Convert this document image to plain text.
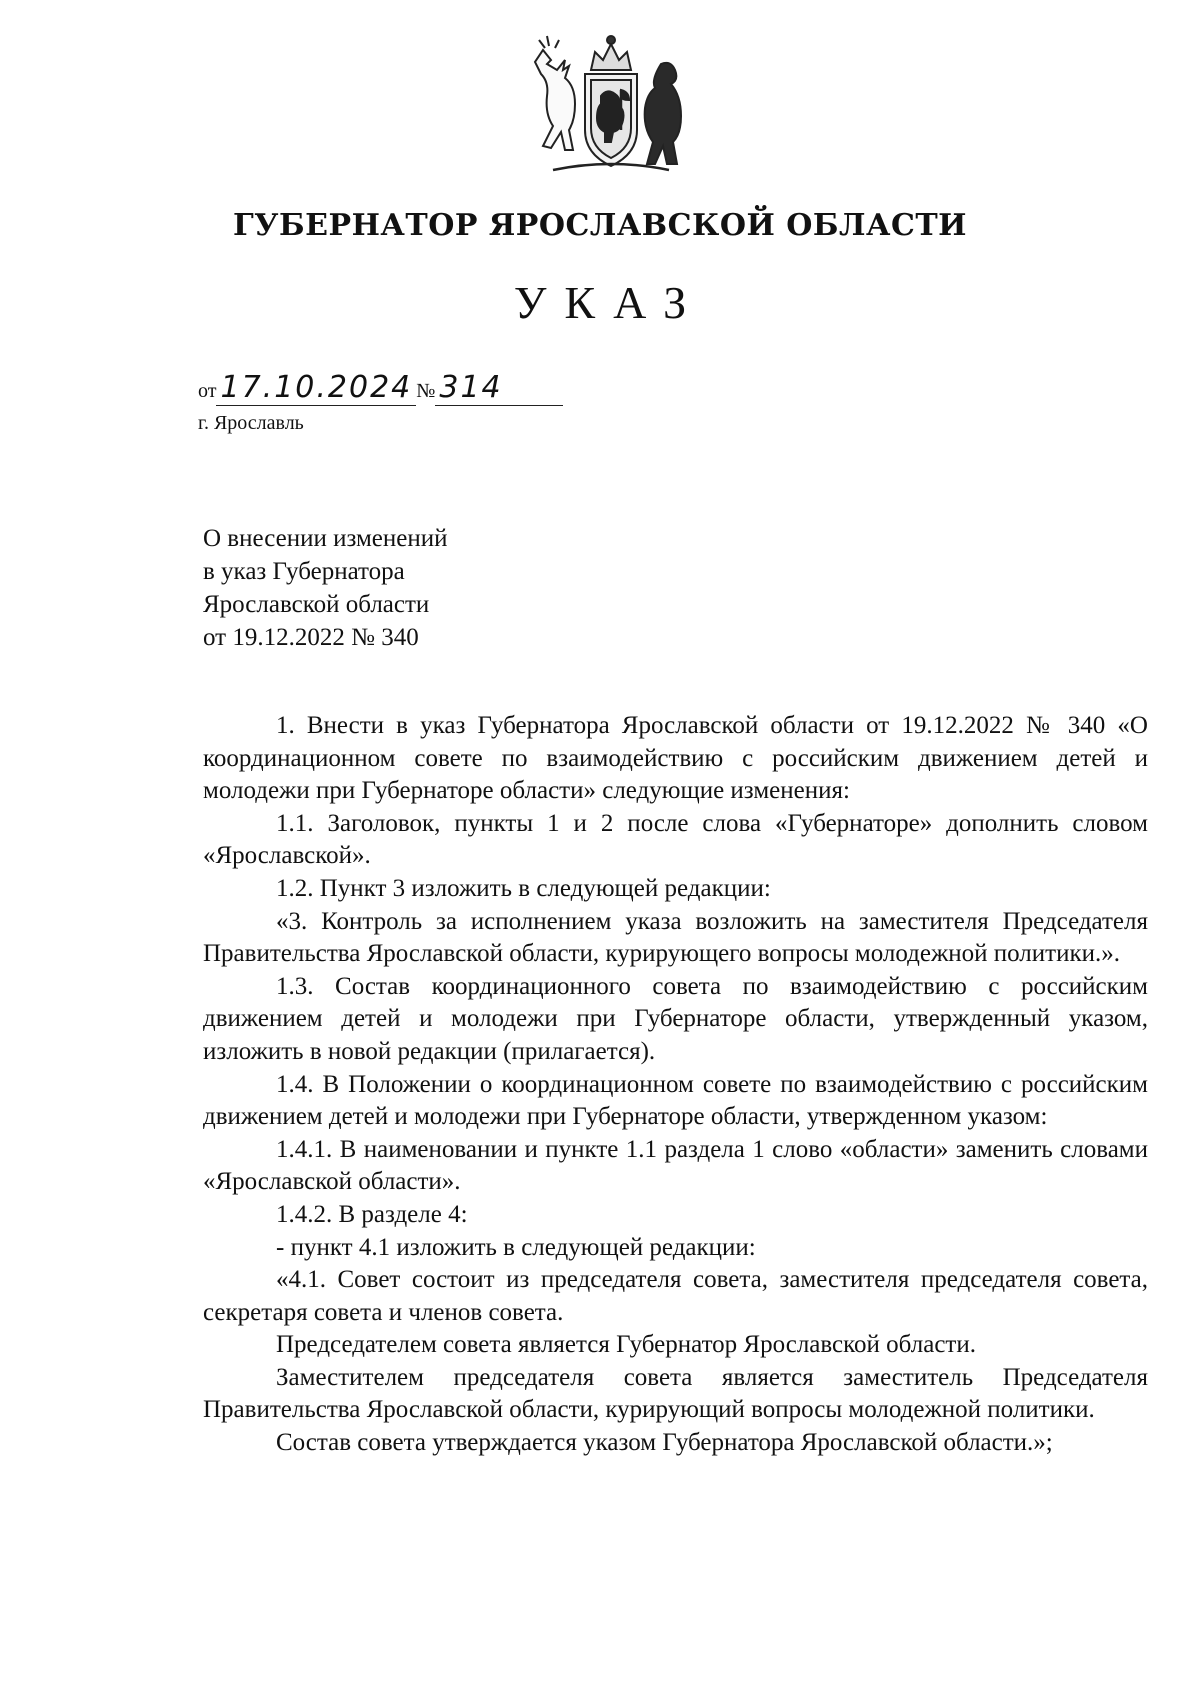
ГУБЕРНАТОР ЯРОСЛАВСКОЙ ОБЛАСТИ
УКАЗ
от 17.10.2024 № 314
г. Ярославль
О внесении изменений
в указ Губернатора
Ярославской области
от 19.12.2022 № 340

1. Внести в указ Губернатора Ярославской области от 19.12.2022 № 340 «О координационном совете по взаимодействию с российским движением детей и молодежи при Губернаторе области» следующие изменения:

1.1. Заголовок, пункты 1 и 2 после слова «Губернаторе» дополнить словом «Ярославской».

1.2. Пункт 3 изложить в следующей редакции:

«3. Контроль за исполнением указа возложить на заместителя Председателя Правительства Ярославской области, курирующего вопросы молодежной политики.».

1.3. Состав координационного совета по взаимодействию с российским движением детей и молодежи при Губернаторе области, утвержденный указом, изложить в новой редакции (прилагается).

1.4. В Положении о координационном совете по взаимодействию с российским движением детей и молодежи при Губернаторе области, утвержденном указом:

1.4.1. В наименовании и пункте 1.1 раздела 1 слово «области» заменить словами «Ярославской области».

1.4.2. В разделе 4:

- пункт 4.1 изложить в следующей редакции:

«4.1. Совет состоит из председателя совета, заместителя председателя совета, секретаря совета и членов совета.

Председателем совета является Губернатор Ярославской области.

Заместителем председателя совета является заместитель Председателя Правительства Ярославской области, курирующий вопросы молодежной политики.

Состав совета утверждается указом Губернатора Ярославской области.»;
